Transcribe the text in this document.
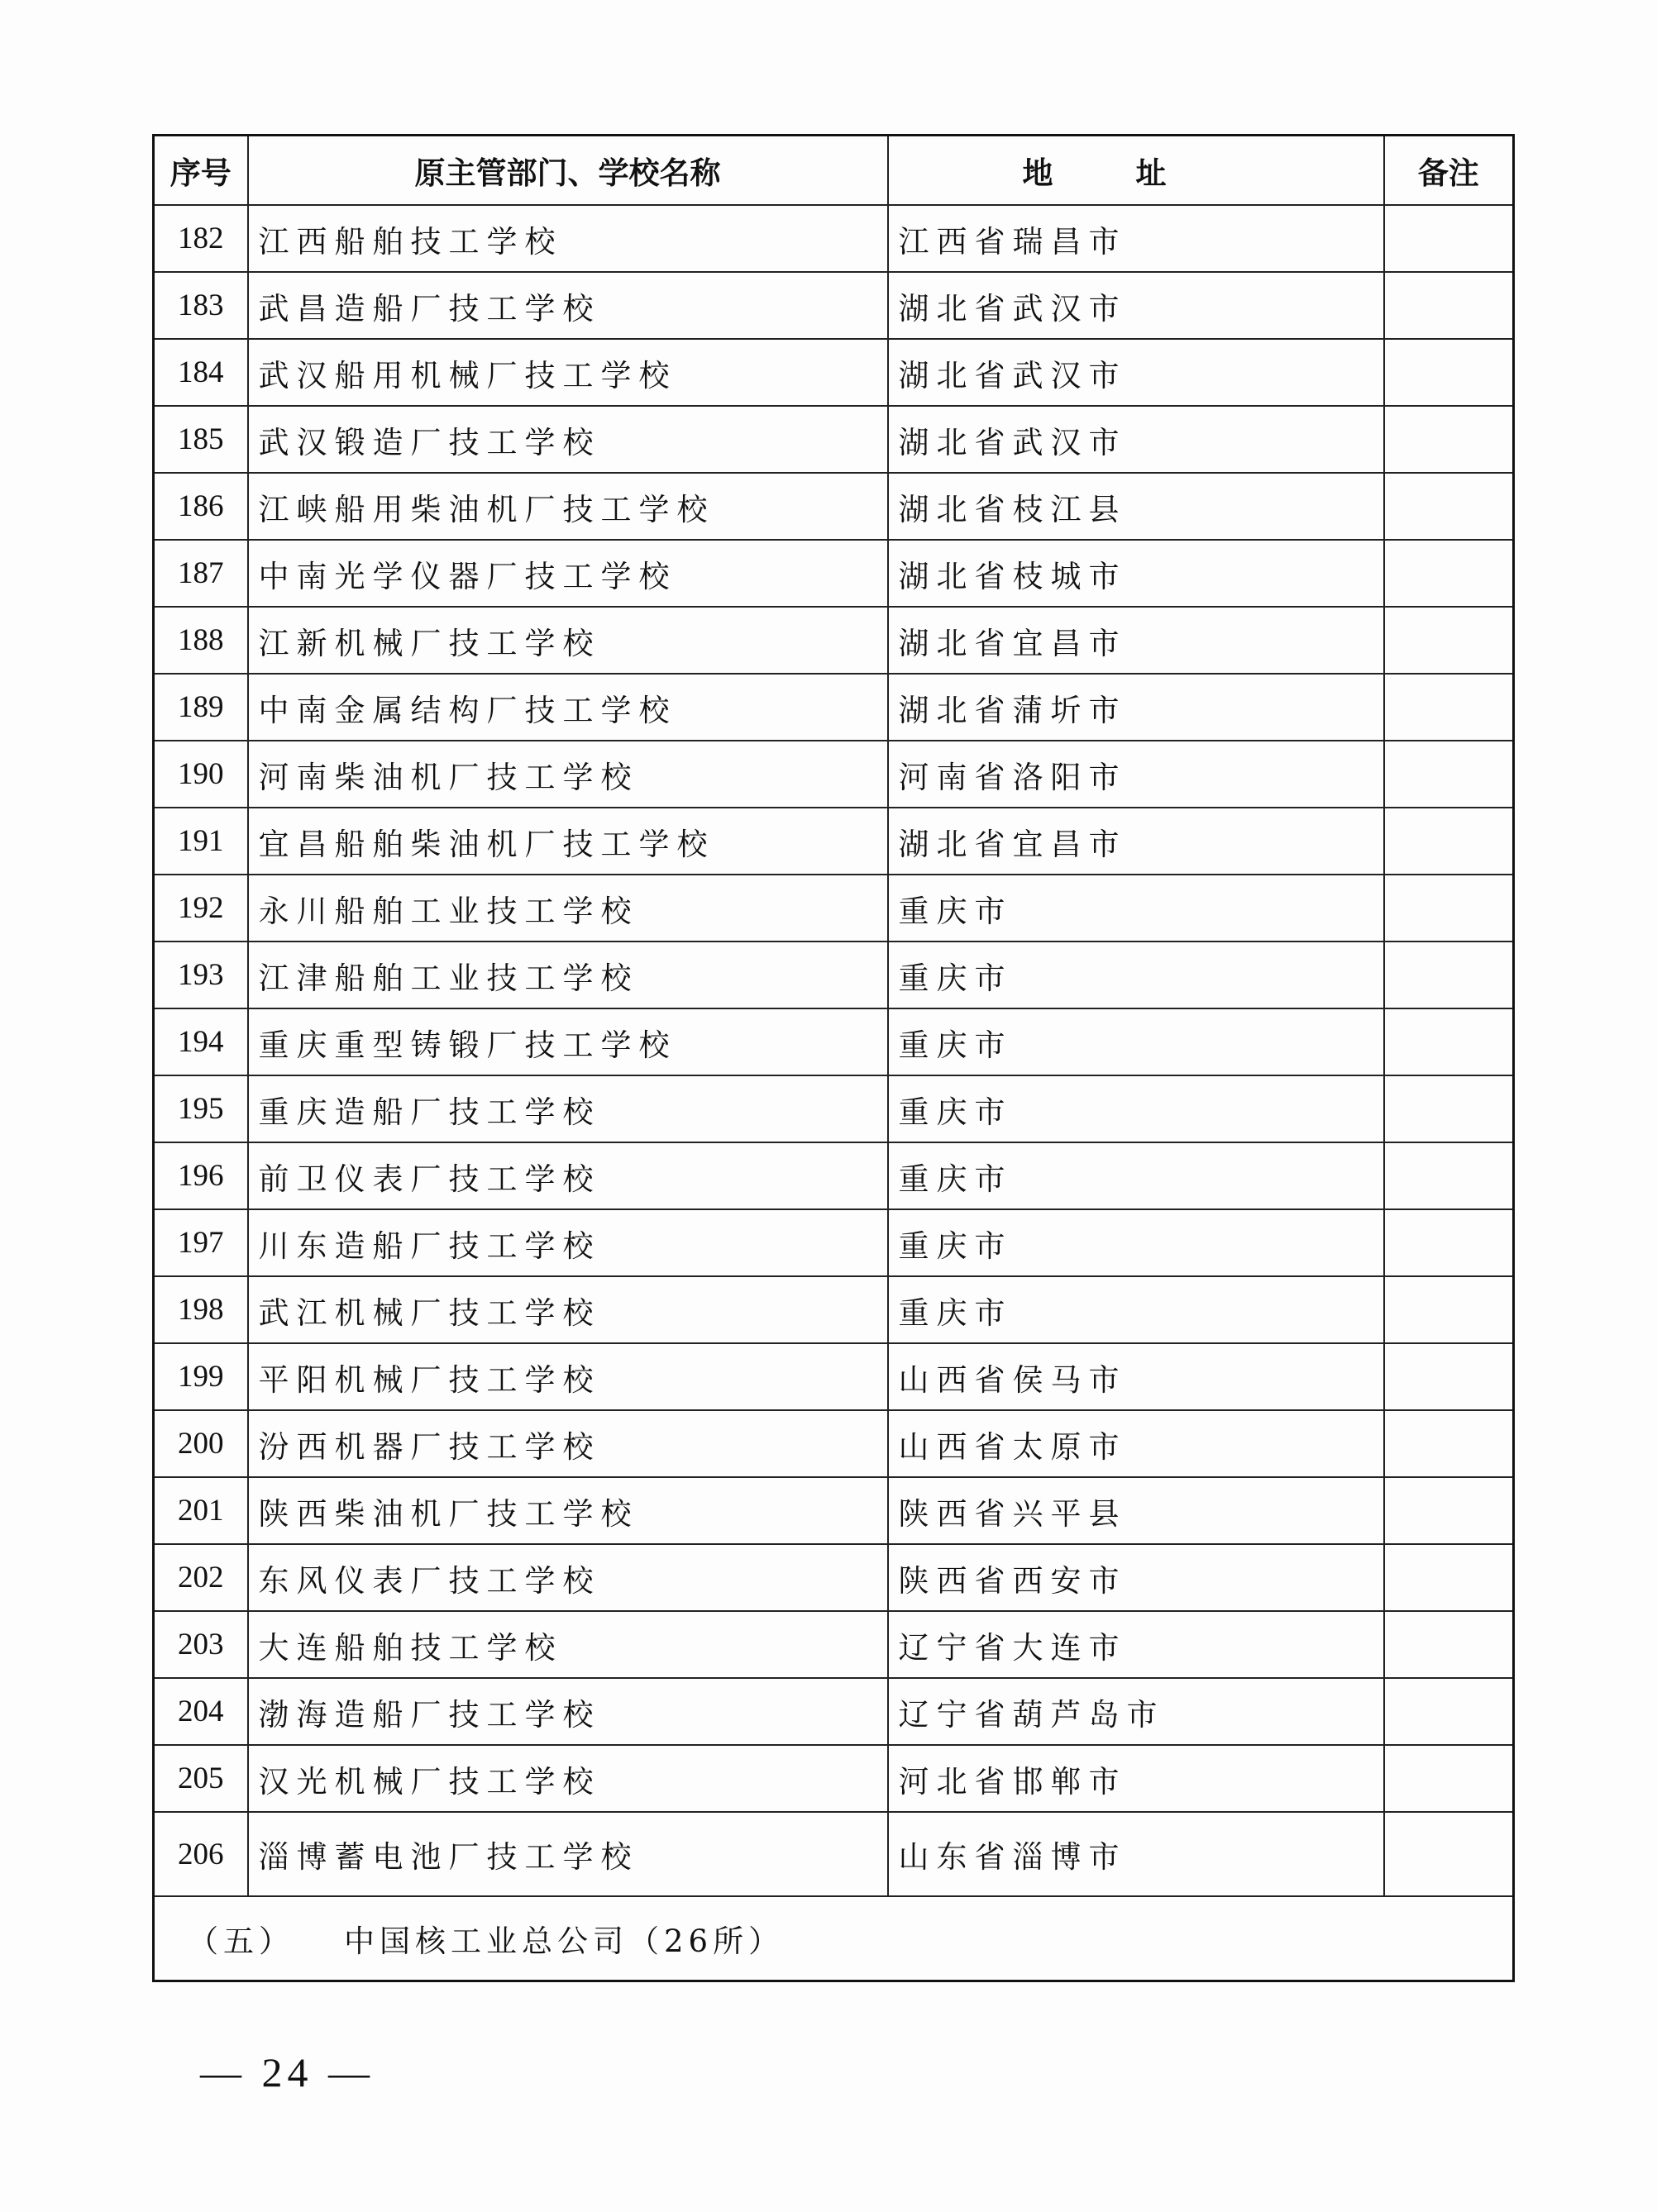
序号	原主管部门、学校名称	地址	备注
182	江西船舶技工学校	江西省瑞昌市	
183	武昌造船厂技工学校	湖北省武汉市	
184	武汉船用机械厂技工学校	湖北省武汉市	
185	武汉锻造厂技工学校	湖北省武汉市	
186	江峡船用柴油机厂技工学校	湖北省枝江县	
187	中南光学仪器厂技工学校	湖北省枝城市	
188	江新机械厂技工学校	湖北省宜昌市	
189	中南金属结构厂技工学校	湖北省蒲圻市	
190	河南柴油机厂技工学校	河南省洛阳市	
191	宜昌船舶柴油机厂技工学校	湖北省宜昌市	
192	永川船舶工业技工学校	重庆市	
193	江津船舶工业技工学校	重庆市	
194	重庆重型铸锻厂技工学校	重庆市	
195	重庆造船厂技工学校	重庆市	
196	前卫仪表厂技工学校	重庆市	
197	川东造船厂技工学校	重庆市	
198	武江机械厂技工学校	重庆市	
199	平阳机械厂技工学校	山西省侯马市	
200	汾西机器厂技工学校	山西省太原市	
201	陕西柴油机厂技工学校	陕西省兴平县	
202	东风仪表厂技工学校	陕西省西安市	
203	大连船舶技工学校	辽宁省大连市	
204	渤海造船厂技工学校	辽宁省葫芦岛市	
205	汉光机械厂技工学校	河北省邯郸市	
206	淄博蓄电池厂技工学校	山东省淄博市	
（五） 中国核工业总公司（26所）			
— 24 —
